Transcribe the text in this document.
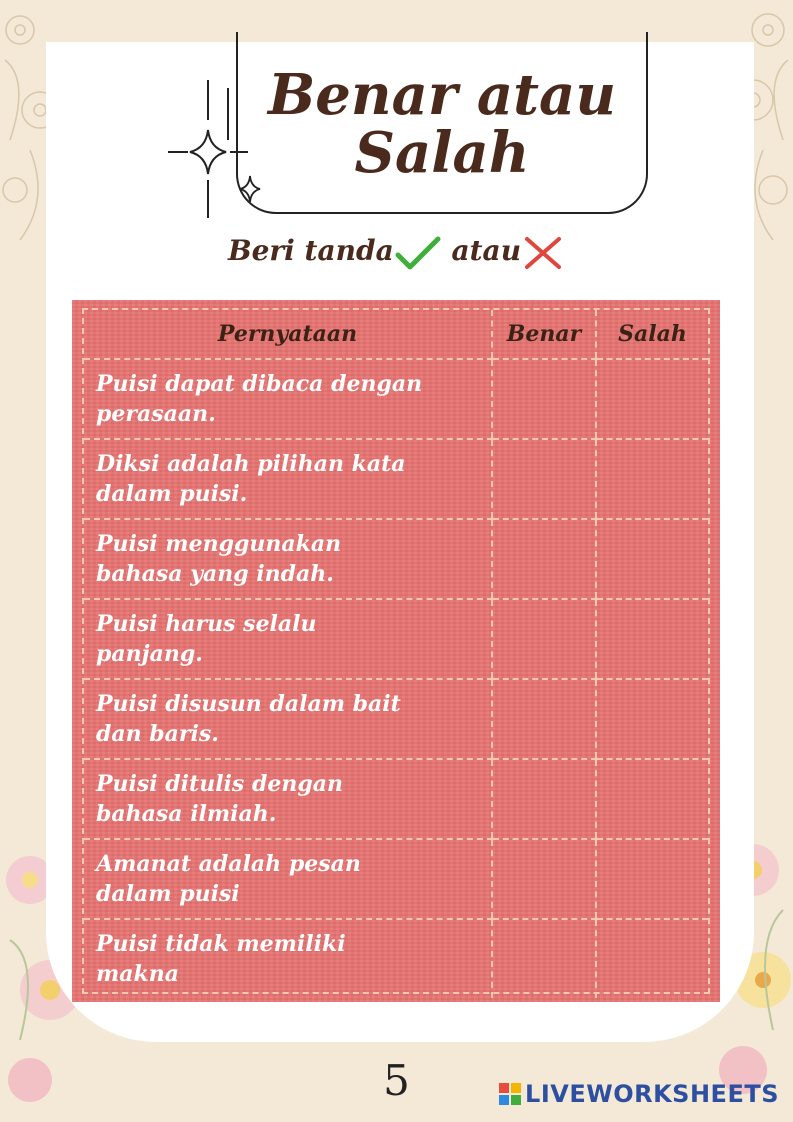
Benar atau
Salah
Beri tanda atau
Pernyataan	Benar	Salah

Puisi dapat dibaca dengan
perasaan.		

Diksi adalah pilihan kata
dalam puisi.		

Puisi menggunakan
bahasa yang indah.		

Puisi harus selalu
panjang.		

Puisi disusun dalam bait
dan baris.		

Puisi ditulis dengan
bahasa ilmiah.		

Amanat adalah pesan
dalam puisi		

Puisi tidak memiliki
makna		

5	LIVEWORKSHEETS
